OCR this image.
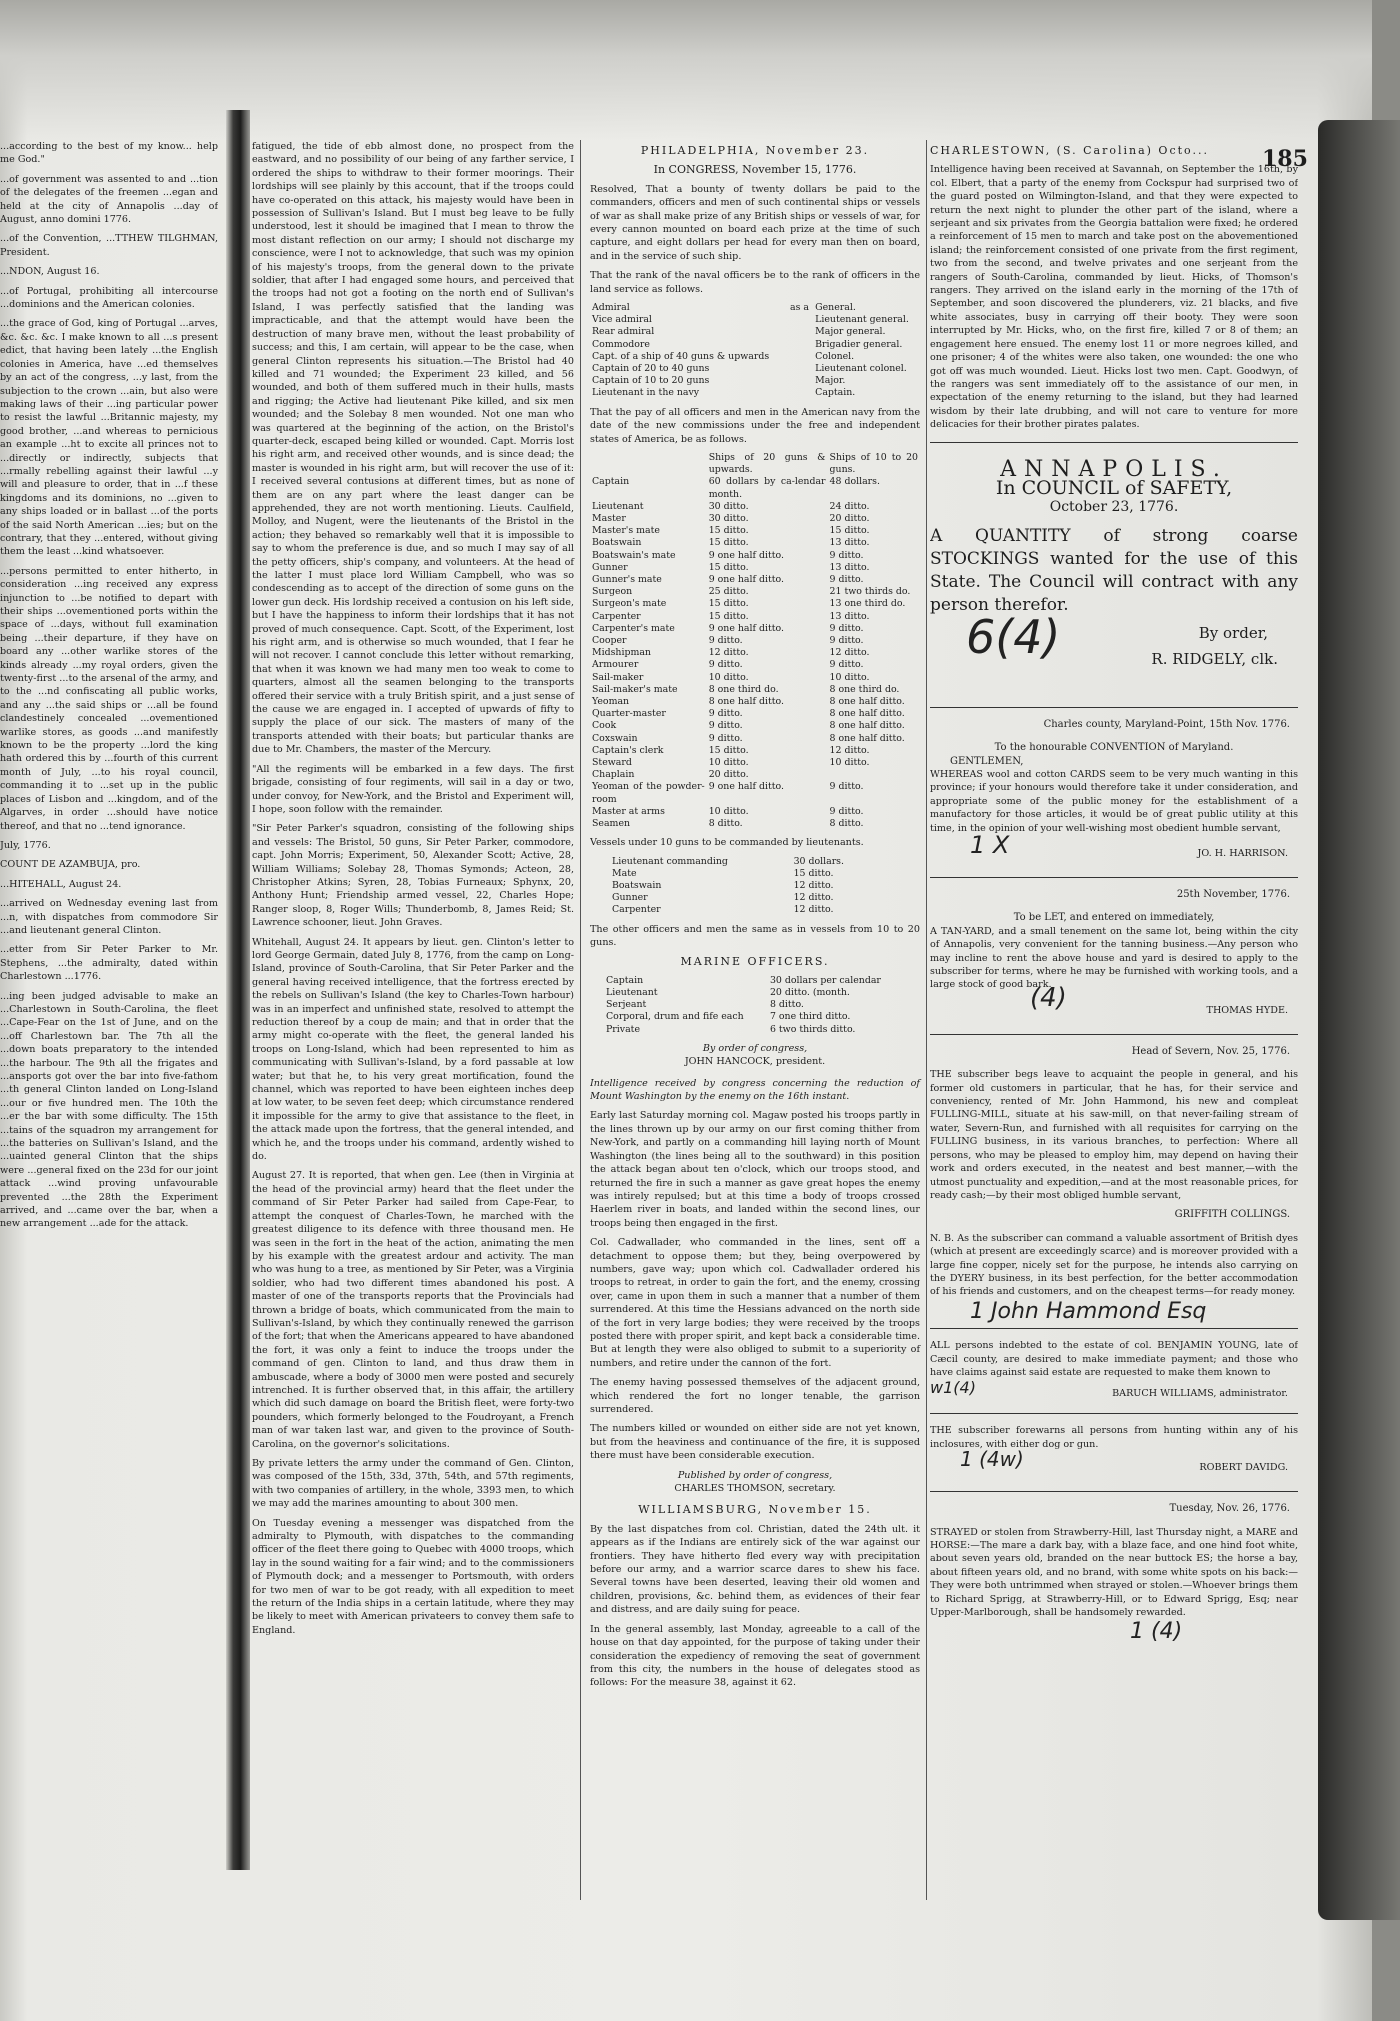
185

...according to the best of my know... help me God."

...of government was assented to and ...tion of the delegates of the freemen ...egan and held at the city of Annapolis ...day of August, anno domini 1776.

...of the Convention, ...TTHEW TILGHMAN, President.

...NDON, August 16.

...of Portugal, prohibiting all intercourse ...dominions and the American colonies.

...the grace of God, king of Portugal ...arves, &c. &c. &c. I make known to all ...s present edict, that having been lately ...the English colonies in America, have ...ed themselves by an act of the congress, ...y last, from the subjection to the crown ...ain, but also were making laws of their ...ing particular power to resist the lawful ...Britannic majesty, my good brother, ...and whereas to pernicious an example ...ht to excite all princes not to ...directly or indirectly, subjects that ...rmally rebelling against their lawful ...y will and pleasure to order, that in ...f these kingdoms and its dominions, no ...given to any ships loaded or in ballast ...of the ports of the said North American ...ies; but on the contrary, that they ...entered, without giving them the least ...kind whatsoever.

...persons permitted to enter hitherto, in consideration ...ing received any express injunction to ...be notified to depart with their ships ...ovementioned ports within the space of ...days, without full examination being ...their departure, if they have on board any ...other warlike stores of the kinds already ...my royal orders, given the twenty-first ...to the arsenal of the army, and to the ...nd confiscating all public works, and any ...the said ships or ...all be found clandestinely concealed ...ovementioned warlike stores, as goods ...and manifestly known to be the property ...lord the king hath ordered this by ...fourth of this current month of July, ...to his royal council, commanding it to ...set up in the public places of Lisbon and ...kingdom, and of the Algarves, in order ...should have notice thereof, and that no ...tend ignorance.

July, 1776.

COUNT DE AZAMBUJA, pro.

...HITEHALL, August 24.

...arrived on Wednesday evening last from ...n, with dispatches from commodore Sir ...and lieutenant general Clinton.

...etter from Sir Peter Parker to Mr. Stephens, ...the admiralty, dated within Charlestown ...1776.

...ing been judged advisable to make an ...Charlestown in South-Carolina, the fleet ...Cape-Fear on the 1st of June, and on the ...off Charlestown bar. The 7th all the ...down boats preparatory to the intended ...the harbour. The 9th all the frigates and ...ansports got over the bar into five-fathom ...th general Clinton landed on Long-Island ...our or five hundred men. The 10th the ...er the bar with some difficulty. The 15th ...tains of the squadron my arrangement for ...the batteries on Sullivan's Island, and the ...uainted general Clinton that the ships were ...general fixed on the 23d for our joint attack ...wind proving unfavourable prevented ...the 28th the Experiment arrived, and ...came over the bar, when a new arrangement ...ade for the attack.

fatigued, the tide of ebb almost done, no prospect from the eastward, and no possibility of our being of any farther service, I ordered the ships to withdraw to their former moorings. Their lordships will see plainly by this account, that if the troops could have co-operated on this attack, his majesty would have been in possession of Sullivan's Island. But I must beg leave to be fully understood, lest it should be imagined that I mean to throw the most distant reflection on our army; I should not discharge my conscience, were I not to acknowledge, that such was my opinion of his majesty's troops, from the general down to the private soldier, that after I had engaged some hours, and perceived that the troops had not got a footing on the north end of Sullivan's Island, I was perfectly satisfied that the landing was impracticable, and that the attempt would have been the destruction of many brave men, without the least probability of success; and this, I am certain, will appear to be the case, when general Clinton represents his situation.—The Bristol had 40 killed and 71 wounded; the Experiment 23 killed, and 56 wounded, and both of them suffered much in their hulls, masts and rigging; the Active had lieutenant Pike killed, and six men wounded; and the Solebay 8 men wounded. Not one man who was quartered at the beginning of the action, on the Bristol's quarter-deck, escaped being killed or wounded. Capt. Morris lost his right arm, and received other wounds, and is since dead; the master is wounded in his right arm, but will recover the use of it: I received several contusions at different times, but as none of them are on any part where the least danger can be apprehended, they are not worth mentioning. Lieuts. Caulfield, Molloy, and Nugent, were the lieutenants of the Bristol in the action; they behaved so remarkably well that it is impossible to say to whom the preference is due, and so much I may say of all the petty officers, ship's company, and volunteers. At the head of the latter I must place lord William Campbell, who was so condescending as to accept of the direction of some guns on the lower gun deck. His lordship received a contusion on his left side, but I have the happiness to inform their lordships that it has not proved of much consequence. Capt. Scott, of the Experiment, lost his right arm, and is otherwise so much wounded, that I fear he will not recover. I cannot conclude this letter without remarking, that when it was known we had many men too weak to come to quarters, almost all the seamen belonging to the transports offered their service with a truly British spirit, and a just sense of the cause we are engaged in. I accepted of upwards of fifty to supply the place of our sick. The masters of many of the transports attended with their boats; but particular thanks are due to Mr. Chambers, the master of the Mercury.

"All the regiments will be embarked in a few days. The first brigade, consisting of four regiments, will sail in a day or two, under convoy, for New-York, and the Bristol and Experiment will, I hope, soon follow with the remainder.

"Sir Peter Parker's squadron, consisting of the following ships and vessels: The Bristol, 50 guns, Sir Peter Parker, commodore, capt. John Morris; Experiment, 50, Alexander Scott; Active, 28, William Williams; Solebay 28, Thomas Symonds; Acteon, 28, Christopher Atkins; Syren, 28, Tobias Furneaux; Sphynx, 20, Anthony Hunt; Friendship armed vessel, 22, Charles Hope; Ranger sloop, 8, Roger Wills; Thunderbomb, 8, James Reid; St. Lawrence schooner, lieut. John Graves.

Whitehall, August 24. It appears by lieut. gen. Clinton's letter to lord George Germain, dated July 8, 1776, from the camp on Long-Island, province of South-Carolina, that Sir Peter Parker and the general having received intelligence, that the fortress erected by the rebels on Sullivan's Island (the key to Charles-Town harbour) was in an imperfect and unfinished state, resolved to attempt the reduction thereof by a coup de main; and that in order that the army might co-operate with the fleet, the general landed his troops on Long-Island, which had been represented to him as communicating with Sullivan's-Island, by a ford passable at low water; but that he, to his very great mortification, found the channel, which was reported to have been eighteen inches deep at low water, to be seven feet deep; which circumstance rendered it impossible for the army to give that assistance to the fleet, in the attack made upon the fortress, that the general intended, and which he, and the troops under his command, ardently wished to do.

August 27. It is reported, that when gen. Lee (then in Virginia at the head of the provincial army) heard that the fleet under the command of Sir Peter Parker had sailed from Cape-Fear, to attempt the conquest of Charles-Town, he marched with the greatest diligence to its defence with three thousand men. He was seen in the fort in the heat of the action, animating the men by his example with the greatest ardour and activity. The man who was hung to a tree, as mentioned by Sir Peter, was a Virginia soldier, who had two different times abandoned his post. A master of one of the transports reports that the Provincials had thrown a bridge of boats, which communicated from the main to Sullivan's-Island, by which they continually renewed the garrison of the fort; that when the Americans appeared to have abandoned the fort, it was only a feint to induce the troops under the command of gen. Clinton to land, and thus draw them in ambuscade, where a body of 3000 men were posted and securely intrenched. It is further observed that, in this affair, the artillery which did such damage on board the British fleet, were forty-two pounders, which formerly belonged to the Foudroyant, a French man of war taken last war, and given to the province of South-Carolina, on the governor's solicitations.

By private letters the army under the command of Gen. Clinton, was composed of the 15th, 33d, 37th, 54th, and 57th regiments, with two companies of artillery, in the whole, 3393 men, to which we may add the marines amounting to about 300 men.

On Tuesday evening a messenger was dispatched from the admiralty to Plymouth, with dispatches to the commanding officer of the fleet there going to Quebec with 4000 troops, which lay in the sound waiting for a fair wind; and to the commissioners of Plymouth dock; and a messenger to Portsmouth, with orders for two men of war to be got ready, with all expedition to meet the return of the India ships in a certain latitude, where they may be likely to meet with American privateers to convey them safe to England.

PHILADELPHIA, November 23.
In CONGRESS, November 15, 1776.

Resolved, That a bounty of twenty dollars be paid to the commanders, officers and men of such continental ships or vessels of war as shall make prize of any British ships or vessels of war, for every cannon mounted on board each prize at the time of such capture, and eight dollars per head for every man then on board, and in the service of such ship.

That the rank of the naval officers be to the rank of officers in the land service as follows.

Admiral	as a	General.
Vice admiral		Lieutenant general.
Rear admiral		Major general.
Commodore		Brigadier general.
Capt. of a ship of 40 guns & upwards		Colonel.
Captain of 20 to 40 guns		Lieutenant colonel.
Captain of 10 to 20 guns		Major.
Lieutenant in the navy		Captain.

That the pay of all officers and men in the American navy from the date of the new commissions under the free and independent states of America, be as follows.

	Ships of 20 guns & upwards.	Ships of 10 to 20 guns.
Captain	60 dollars by ca-lendar month.	48 dollars.
Lieutenant	30 ditto.	24 ditto.
Master	30 ditto.	20 ditto.
Master's mate	15 ditto.	15 ditto.
Boatswain	15 ditto.	13 ditto.
Boatswain's mate	9 one half ditto.	9 ditto.
Gunner	15 ditto.	13 ditto.
Gunner's mate	9 one half ditto.	9 ditto.
Surgeon	25 ditto.	21 two thirds do.
Surgeon's mate	15 ditto.	13 one third do.
Carpenter	15 ditto.	13 ditto.
Carpenter's mate	9 one half ditto.	9 ditto.
Cooper	9 ditto.	9 ditto.
Midshipman	12 ditto.	12 ditto.
Armourer	9 ditto.	9 ditto.
Sail-maker	10 ditto.	10 ditto.
Sail-maker's mate	8 one third do.	8 one third do.
Yeoman	8 one half ditto.	8 one half ditto.
Quarter-master	9 ditto.	8 one half ditto.
Cook	9 ditto.	8 one half ditto.
Coxswain	9 ditto.	8 one half ditto.
Captain's clerk	15 ditto.	12 ditto.
Steward	10 ditto.	10 ditto.
Chaplain	20 ditto.	
Yeoman of the powder-room	9 one half ditto.	9 ditto.
Master at arms	10 ditto.	9 ditto.
Seamen	8 ditto.	8 ditto.

Vessels under 10 guns to be commanded by lieutenants.

Lieutenant commanding	30 dollars.
Mate	15 ditto.
Boatswain	12 ditto.
Gunner	12 ditto.
Carpenter	12 ditto.

The other officers and men the same as in vessels from 10 to 20 guns.

MARINE OFFICERS.
Captain	30 dollars per calendar
Lieutenant	20 ditto. (month.
Serjeant	8 ditto.
Corporal, drum and fife each	7 one third ditto.
Private	6 two thirds ditto.
By order of congress,
JOHN HANCOCK, president.

Intelligence received by congress concerning the reduction of Mount Washington by the enemy on the 16th instant.

Early last Saturday morning col. Magaw posted his troops partly in the lines thrown up by our army on our first coming thither from New-York, and partly on a commanding hill laying north of Mount Washington (the lines being all to the southward) in this position the attack began about ten o'clock, which our troops stood, and returned the fire in such a manner as gave great hopes the enemy was intirely repulsed; but at this time a body of troops crossed Haerlem river in boats, and landed within the second lines, our troops being then engaged in the first.

Col. Cadwallader, who commanded in the lines, sent off a detachment to oppose them; but they, being overpowered by numbers, gave way; upon which col. Cadwallader ordered his troops to retreat, in order to gain the fort, and the enemy, crossing over, came in upon them in such a manner that a number of them surrendered. At this time the Hessians advanced on the north side of the fort in very large bodies; they were received by the troops posted there with proper spirit, and kept back a considerable time. But at length they were also obliged to submit to a superiority of numbers, and retire under the cannon of the fort.

The enemy having possessed themselves of the adjacent ground, which rendered the fort no longer tenable, the garrison surrendered.

The numbers killed or wounded on either side are not yet known, but from the heaviness and continuance of the fire, it is supposed there must have been considerable execution.

Published by order of congress,
CHARLES THOMSON, secretary.
WILLIAMSBURG, November 15.

By the last dispatches from col. Christian, dated the 24th ult. it appears as if the Indians are entirely sick of the war against our frontiers. They have hitherto fled every way with precipitation before our army, and a warrior scarce dares to shew his face. Several towns have been deserted, leaving their old women and children, provisions, &c. behind them, as evidences of their fear and distress, and are daily suing for peace.

In the general assembly, last Monday, agreeable to a call of the house on that day appointed, for the purpose of taking under their consideration the expediency of removing the seat of government from this city, the numbers in the house of delegates stood as follows: For the measure 38, against it 62.

CHARLESTOWN, (S. Carolina) Octo...

Intelligence having been received at Savannah, on September the 16th, by col. Elbert, that a party of the enemy from Cockspur had surprised two of the guard posted on Wilmington-Island, and that they were expected to return the next night to plunder the other part of the island, where a serjeant and six privates from the Georgia battalion were fixed; he ordered a reinforcement of 15 men to march and take post on the abovementioned island; the reinforcement consisted of one private from the first regiment, two from the second, and twelve privates and one serjeant from the rangers of South-Carolina, commanded by lieut. Hicks, of Thomson's rangers. They arrived on the island early in the morning of the 17th of September, and soon discovered the plunderers, viz. 21 blacks, and five white associates, busy in carrying off their booty. They were soon interrupted by Mr. Hicks, who, on the first fire, killed 7 or 8 of them; an engagement here ensued. The enemy lost 11 or more negroes killed, and one prisoner; 4 of the whites were also taken, one wounded: the one who got off was much wounded. Lieut. Hicks lost two men. Capt. Goodwyn, of the rangers was sent immediately off to the assistance of our men, in expectation of the enemy returning to the island, but they had learned wisdom by their late drubbing, and will not care to venture for more delicacies for their brother pirates palates.

ANNAPOLIS.
In COUNCIL of SAFETY,
October 23, 1776.
A QUANTITY of strong coarse STOCKINGS wanted for the use of this State. The Council will contract with any person therefor.
6(4)	By order,
R. RIDGELY, clk.
Charles county, Maryland-Point, 15th Nov. 1776.
To the honourable CONVENTION of Maryland.
GENTLEMEN,

WHEREAS wool and cotton CARDS seem to be very much wanting in this province; if your honours would therefore take it under consideration, and appropriate some of the public money for the establishment of a manufactory for those articles, it would be of great public utility at this time, in the opinion of your well-wishing most obedient humble servant,

1 X	JO. H. HARRISON.
25th November, 1776.
To be LET, and entered on immediately,

A TAN-YARD, and a small tenement on the same lot, being within the city of Annapolis, very convenient for the tanning business.—Any person who may incline to rent the above house and yard is desired to apply to the subscriber for terms, where he may be furnished with working tools, and a large stock of good bark.

(4)	THOMAS HYDE.
Head of Severn, Nov. 25, 1776.

THE subscriber begs leave to acquaint the people in general, and his former old customers in particular, that he has, for their service and conveniency, rented of Mr. John Hammond, his new and compleat FULLING-MILL, situate at his saw-mill, on that never-failing stream of water, Severn-Run, and furnished with all requisites for carrying on the FULLING business, in its various branches, to perfection: Where all persons, who may be pleased to employ him, may depend on having their work and orders executed, in the neatest and best manner,—with the utmost punctuality and expedition,—and at the most reasonable prices, for ready cash;—by their most obliged humble servant,

GRIFFITH COLLINGS.

N. B. As the subscriber can command a valuable assortment of British dyes (which at present are exceedingly scarce) and is moreover provided with a large fine copper, nicely set for the purpose, he intends also carrying on the DYERY business, in its best perfection, for the better accommodation of his friends and customers, and on the cheapest terms—for ready money.

1 John Hammond Esq

ALL persons indebted to the estate of col. BENJAMIN YOUNG, late of Cæcil county, are desired to make immediate payment; and those who have claims against said estate are requested to make them known to

w1(4)	BARUCH WILLIAMS, administrator.

THE subscriber forewarns all persons from hunting within any of his inclosures, with either dog or gun.

1 (4w)	ROBERT DAVIDG.
Tuesday, Nov. 26, 1776.

STRAYED or stolen from Strawberry-Hill, last Thursday night, a MARE and HORSE:—The mare a dark bay, with a blaze face, and one hind foot white, about seven years old, branded on the near buttock ES; the horse a bay, about fifteen years old, and no brand, with some white spots on his back:—They were both untrimmed when strayed or stolen.—Whoever brings them to Richard Sprigg, at Strawberry-Hill, or to Edward Sprigg, Esq; near Upper-Marlborough, shall be handsomely rewarded.

1 (4)
